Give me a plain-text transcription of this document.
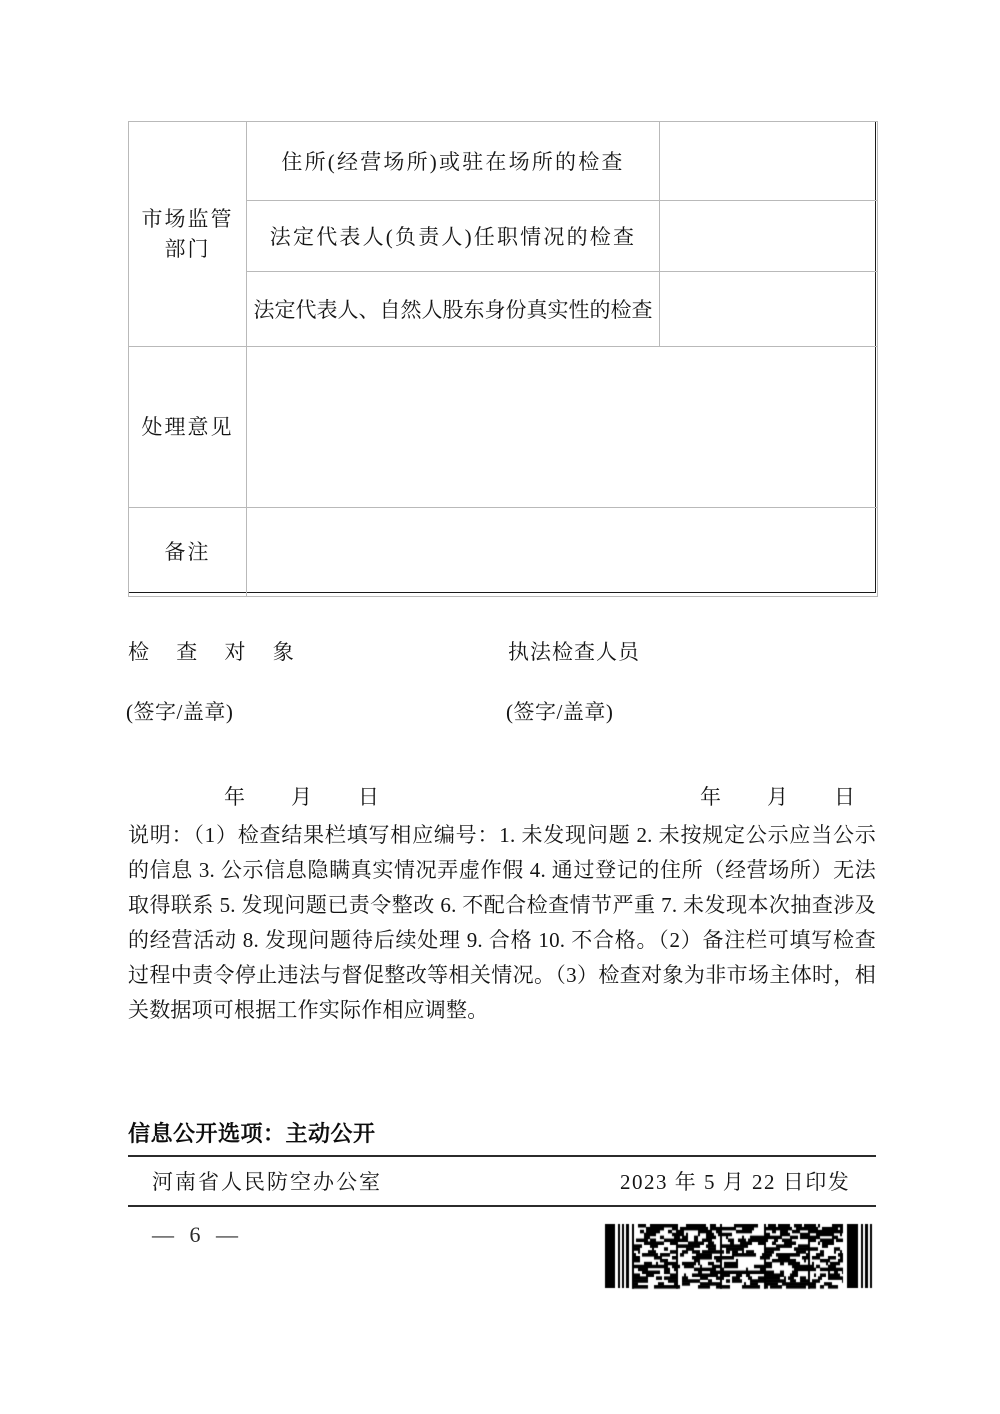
市场监管
部门	住所(经营场所)或驻在场所的检查	
	法定代表人(负责人)任职情况的检查	
	法定代表人、自然人股东身份真实性的检查	
处理意见		
备注		
检 查 对 象	执法检查人员
(签字/盖章)	(签字/盖章)
年 月 日	年 月 日
说明：（1）检查结果栏填写相应编号：1. 未发现问题 2. 未按规定公示应当公示的信息 3. 公示信息隐瞒真实情况弄虚作假 4. 通过登记的住所（经营场所）无法取得联系 5. 发现问题已责令整改 6. 不配合检查情节严重 7. 未发现本次抽查涉及的经营活动 8. 发现问题待后续处理 9. 合格 10. 不合格。（2）备注栏可填写检查过程中责令停止违法与督促整改等相关情况。（3）检查对象为非市场主体时，相关数据项可根据工作实际作相应调整。
信息公开选项：主动公开
河南省人民防空办公室	2023 年 5 月 22 日印发
— 6 —
